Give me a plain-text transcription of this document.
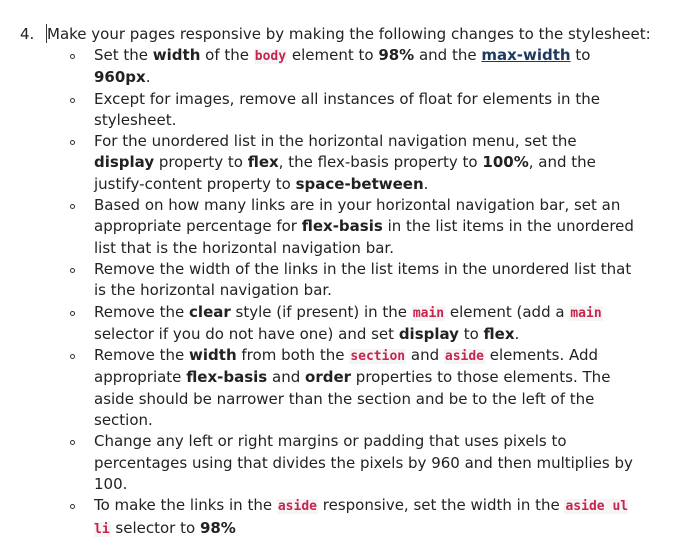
4. Make your pages responsive by making the following changes to the stylesheet:
Set the width of the body element to 98% and the max-width to 960px.
Except for images, remove all instances of float for elements in the stylesheet.
For the unordered list in the horizontal navigation menu, set the display property to flex, the flex-basis property to 100%, and the justify-content property to space-between.
Based on how many links are in your horizontal navigation bar, set an appropriate percentage for flex-basis in the list items in the unordered list that is the horizontal navigation bar.
Remove the width of the links in the list items in the unordered list that is the horizontal navigation bar.
Remove the clear style (if present) in the main element (add a main selector if you do not have one) and set display to flex.
Remove the width from both the section and aside elements. Add appropriate flex-basis and order properties to those elements. The aside should be narrower than the section and be to the left of the section.
Change any left or right margins or padding that uses pixels to percentages using that divides the pixels by 960 and then multiplies by 100.
To make the links in the aside responsive, set the width in the aside ul li selector to 98%
